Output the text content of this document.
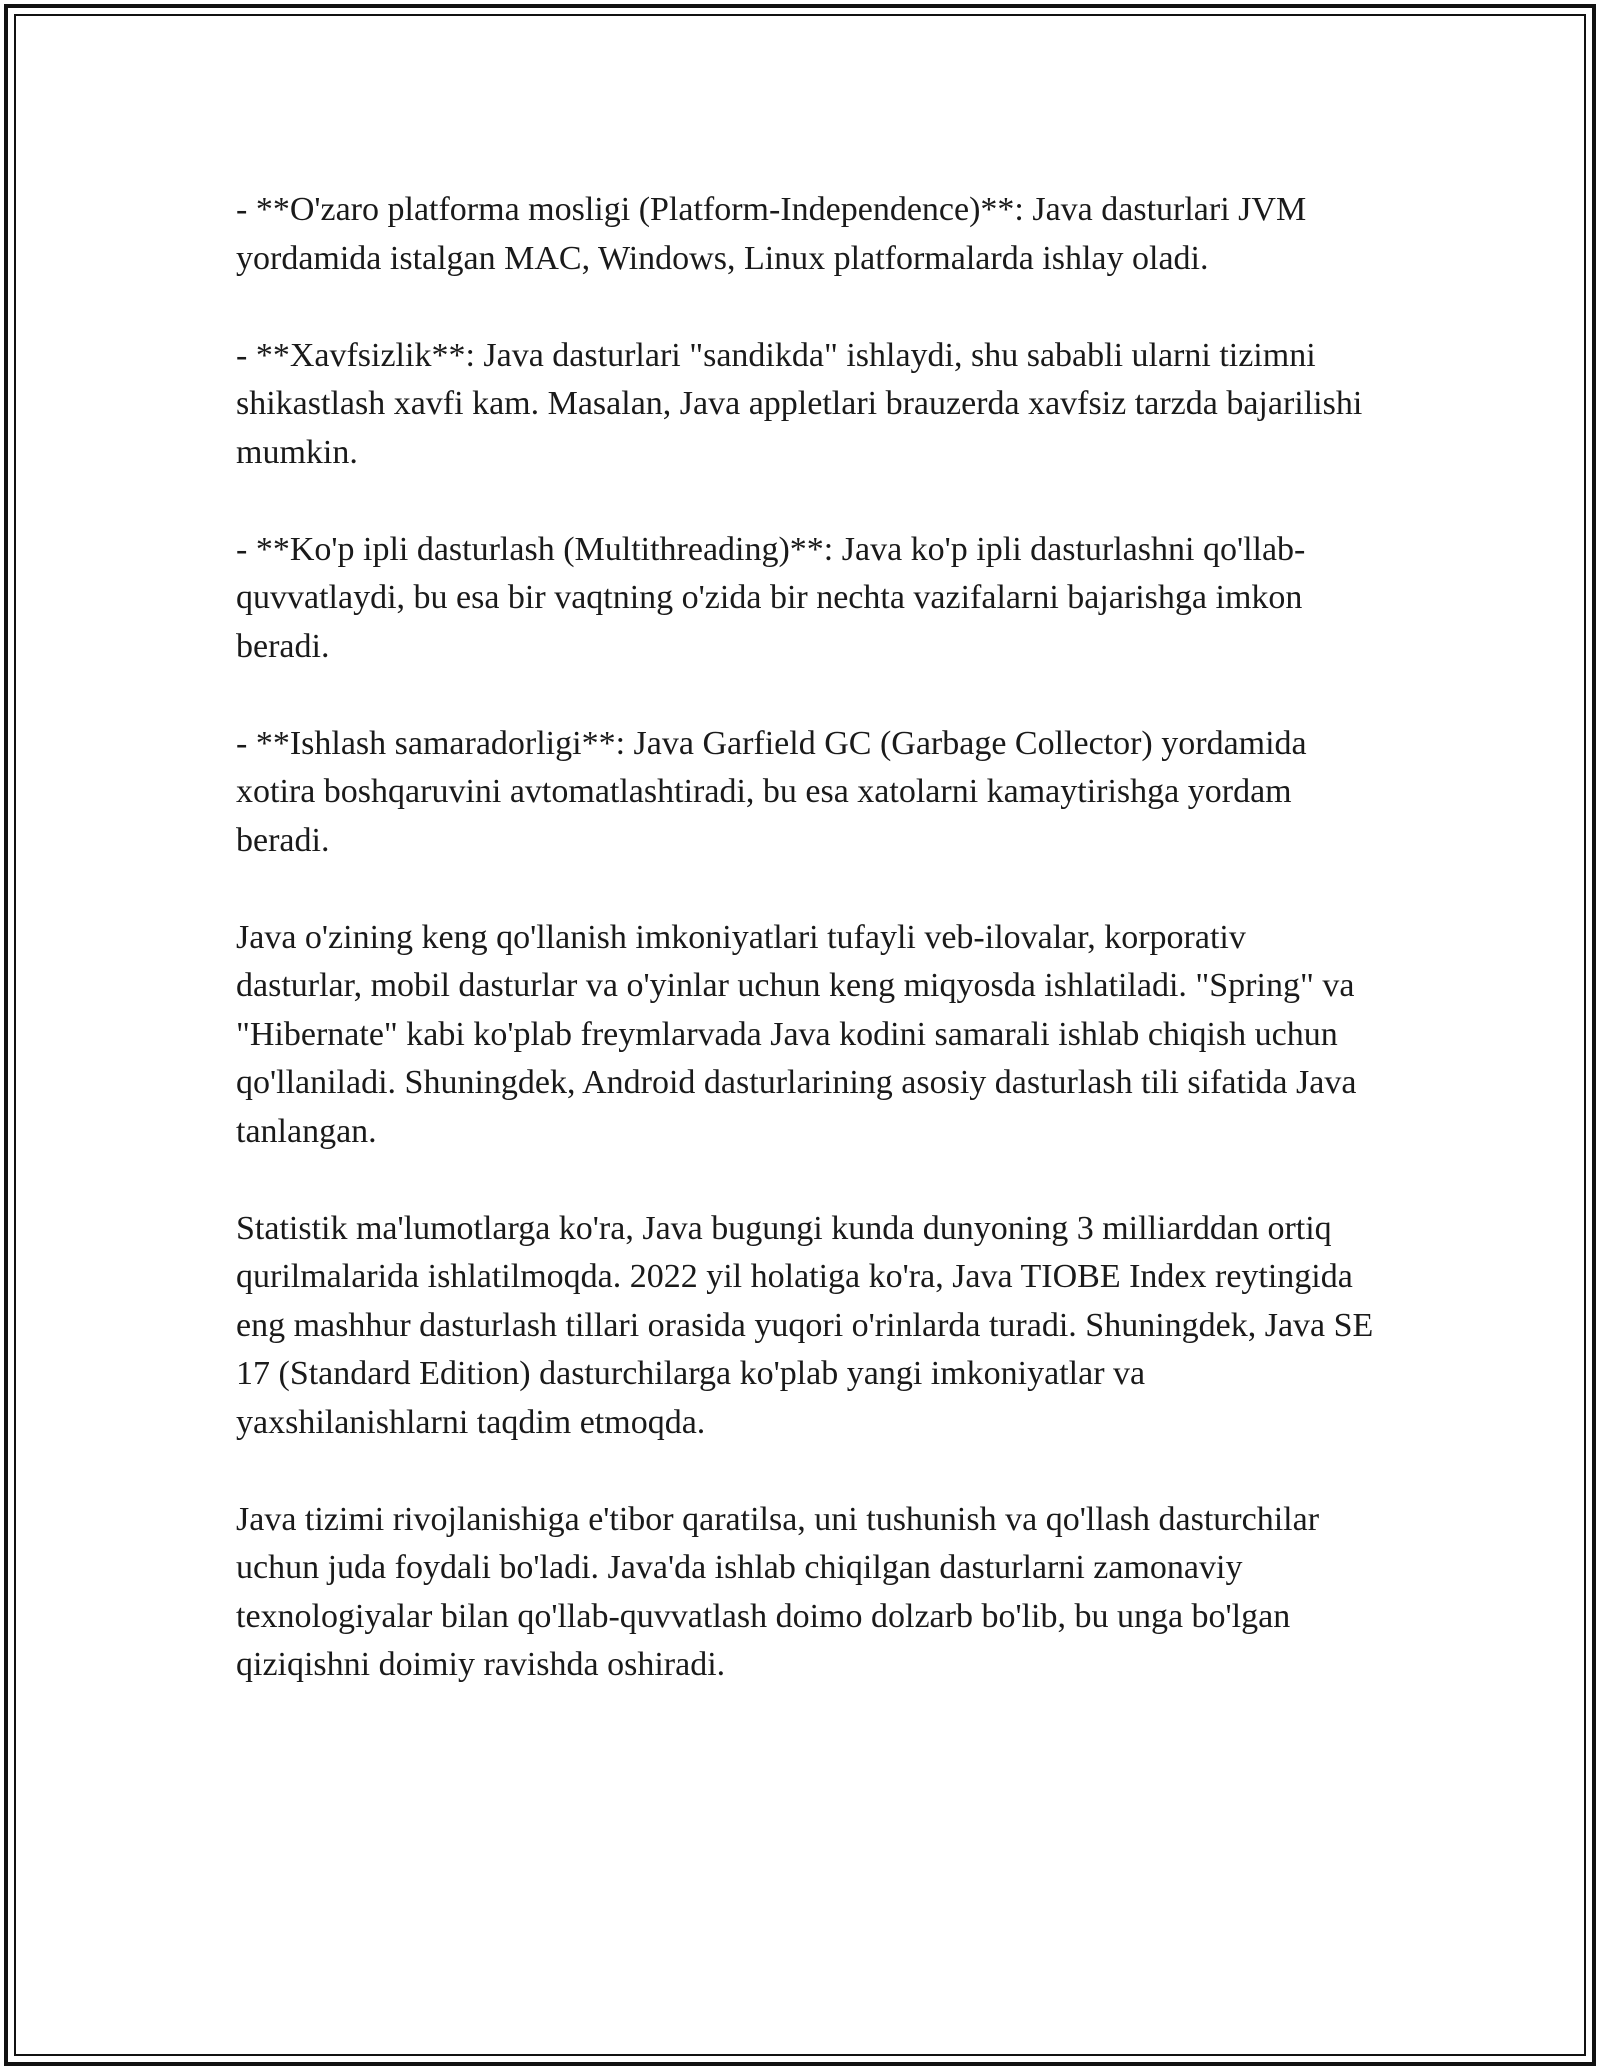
- **O'zaro platforma mosligi (Platform-Independence)**: Java dasturlari JVM yordamida istalgan MAC, Windows, Linux platformalarda ishlay oladi.

- **Xavfsizlik**: Java dasturlari "sandikda" ishlaydi, shu sababli ularni tizimni shikastlash xavfi kam. Masalan, Java appletlari brauzerda xavfsiz tarzda bajarilishi mumkin.

- **Ko'p ipli dasturlash (Multithreading)**: Java ko'p ipli dasturlashni qo'llab-quvvatlaydi, bu esa bir vaqtning o'zida bir nechta vazifalarni bajarishga imkon beradi.

- **Ishlash samaradorligi**: Java Garfield GC (Garbage Collector) yordamida xotira boshqaruvini avtomatlashtiradi, bu esa xatolarni kamaytirishga yordam beradi.

Java o'zining keng qo'llanish imkoniyatlari tufayli veb-ilovalar, korporativ dasturlar, mobil dasturlar va o'yinlar uchun keng miqyosda ishlatiladi. "Spring" va "Hibernate" kabi ko'plab freymlarvada Java kodini samarali ishlab chiqish uchun qo'llaniladi. Shuningdek, Android dasturlarining asosiy dasturlash tili sifatida Java tanlangan.

Statistik ma'lumotlarga ko'ra, Java bugungi kunda dunyoning 3 milliarddan ortiq qurilmalarida ishlatilmoqda. 2022 yil holatiga ko'ra, Java TIOBE Index reytingida eng mashhur dasturlash tillari orasida yuqori o'rinlarda turadi. Shuningdek, Java SE 17 (Standard Edition) dasturchilarga ko'plab yangi imkoniyatlar va yaxshilanishlarni taqdim etmoqda.

Java tizimi rivojlanishiga e'tibor qaratilsa, uni tushunish va qo'llash dasturchilar uchun juda foydali bo'ladi. Java'da ishlab chiqilgan dasturlarni zamonaviy texnologiyalar bilan qo'llab-quvvatlash doimo dolzarb bo'lib, bu unga bo'lgan qiziqishni doimiy ravishda oshiradi.
